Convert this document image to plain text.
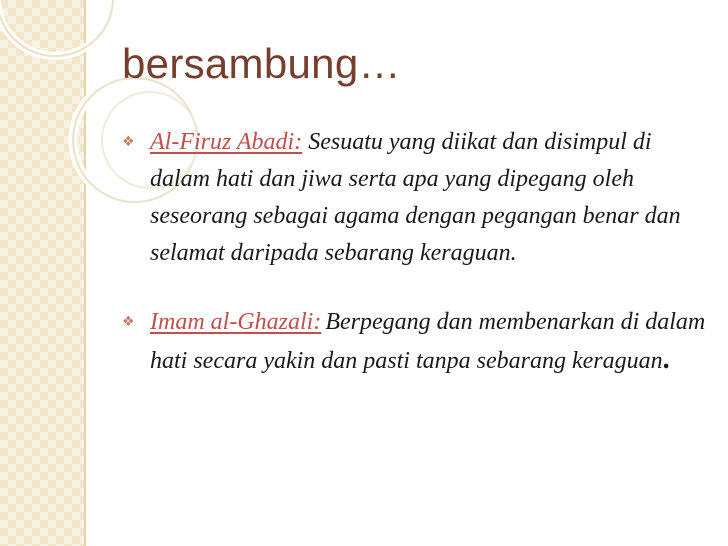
bersambung…

❖ Al-Firuz Abadi: Sesuatu yang diikat dan disimpul di dalam hati dan jiwa serta apa yang dipegang oleh seseorang sebagai agama dengan pegangan benar dan selamat daripada sebarang keraguan.

❖ Imam al-Ghazali: Berpegang dan membenarkan di dalam hati secara yakin dan pasti tanpa sebarang keraguan.
